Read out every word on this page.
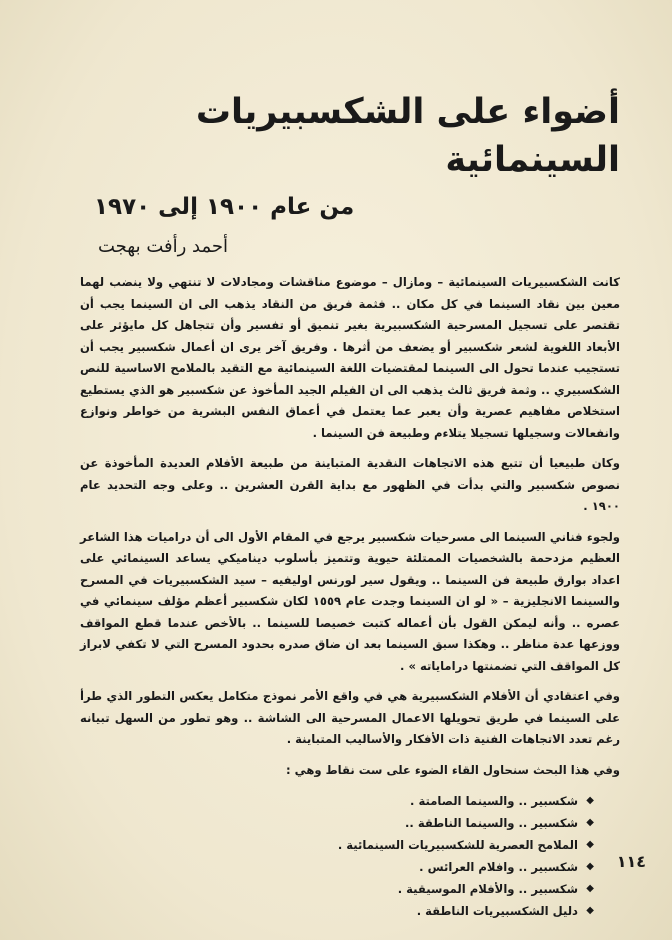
أضواء على الشكسبيريات السينمائية
من عام ١٩٠٠ إلى ١٩٧٠
أحمد رأفت بهجت

كانت الشكسبيريات السينمائية – ومازال – موضوع مناقشات ومجادلات لا تنتهي ولا ينضب لهما معين بين نقاد السينما في كل مكان .. فثمة فريق من النقاد يذهب الى ان السينما يجب أن تقتصر على تسجيل المسرحية الشكسبيرية بغير تنميق أو تفسير وأن تتجاهل كل مايؤثر على الأبعاد اللغوية لشعر شكسبير أو يضعف من أثرها . وفريق آخر يرى ان أعمال شكسبير يجب أن تستجيب عندما تحول الى السينما لمقتضيات اللغة السينمائية مع التقيد بالملامح الاساسية للنص الشكسبيري .. وثمة فريق ثالث يذهب الى ان الفيلم الجيد المأخوذ عن شكسبير هو الذي يستطيع استخلاص مفاهيم عصرية وأن يعبر عما يعتمل في أعماق النفس البشرية من خواطر ونوازع وانفعالات وسجيلها تسجيلا يتلاءم وطبيعة فن السينما .

وكان طبيعيا أن تتبع هذه الاتجاهات النقدية المتباينة من طبيعة الأفلام العديدة المأخوذة عن نصوص شكسبير والتي بدأت في الظهور مع بداية القرن العشرين .. وعلى وجه التحديد عام ١٩٠٠ .

ولجوء فناني السينما الى مسرحيات شكسبير يرجع في المقام الأول الى أن دراميات هذا الشاعر العظيم مزدحمة بالشخصيات الممتلئة حيوية وتتميز بأسلوب ديناميكي يساعد السينمائي على اعداد بوارق طبيعة فن السينما .. ويقول سير لورنس اوليفيه – سيد الشكسبيريات في المسرح والسينما الانجليزية – « لو ان السينما وجدت عام ١٥٥٩ لكان شكسبير أعظم مؤلف سينمائي في عصره .. وأنه ليمكن القول بأن أعماله كتبت خصيصا للسينما .. بالأخص عندما قطع المواقف ووزعها عدة مناظر .. وهكذا سبق السينما بعد ان ضاق صدره بحدود المسرح التي لا تكفي لابراز كل المواقف التي تضمنتها دراماياته » .

وفي اعتقادي أن الأفلام الشكسبيرية هي في واقع الأمر نموذج متكامل يعكس التطور الذي طرأ على السينما في طريق تحويلها الاعمال المسرحية الى الشاشة .. وهو تطور من السهل تبيانه رغم تعدد الاتجاهات الفنية ذات الأفكار والأساليب المتباينة .

وفي هذا البحث سنحاول القاء الضوء على ست نقاط وهي :

◆
شكسبير .. والسينما الصامتة .
◆
شكسبير .. والسينما الناطقة ..
◆
الملامح العصرية للشكسبيريات السينمائية .
◆
شكسبير .. وافلام العرائس .
◆
شكسبير .. والأفلام الموسيقية .
◆
دليل الشكسبيريات الناطقة .
١١٤
